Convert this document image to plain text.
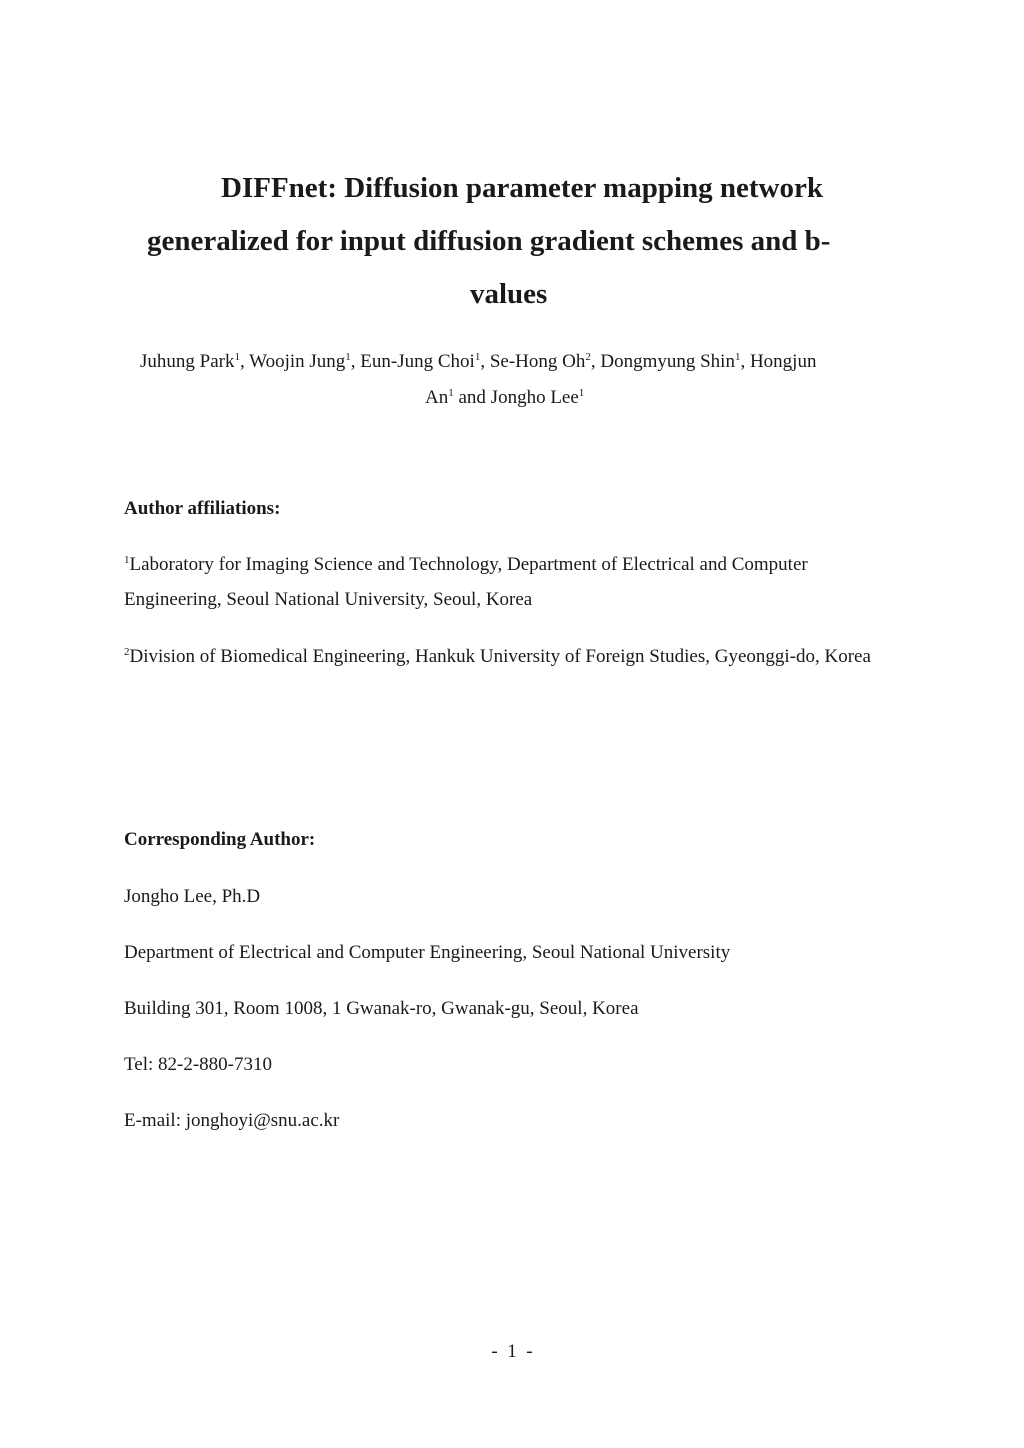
DIFFnet: Diffusion parameter mapping network
generalized for input diffusion gradient schemes and b-
values
Juhung Park$^1$, Woojin Jung$^1$, Eun-Jung Choi$^1$, Se-Hong Oh$^2$, Dongmyung Shin$^1$, Hongjun
An$^1$ and Jongho Lee$^1$
Author affiliations:
$^1$Laboratory for Imaging Science and Technology, Department of Electrical and Computer Engineering, Seoul National University, Seoul, Korea
$^2$Division of Biomedical Engineering, Hankuk University of Foreign Studies, Gyeonggi-do, Korea
Corresponding Author:
Jongho Lee, Ph.D
Department of Electrical and Computer Engineering, Seoul National University
Building 301, Room 1008, 1 Gwanak-ro, Gwanak-gu, Seoul, Korea
Tel: 82-2-880-7310
E-mail: jonghoyi@snu.ac.kr
-  1  -
